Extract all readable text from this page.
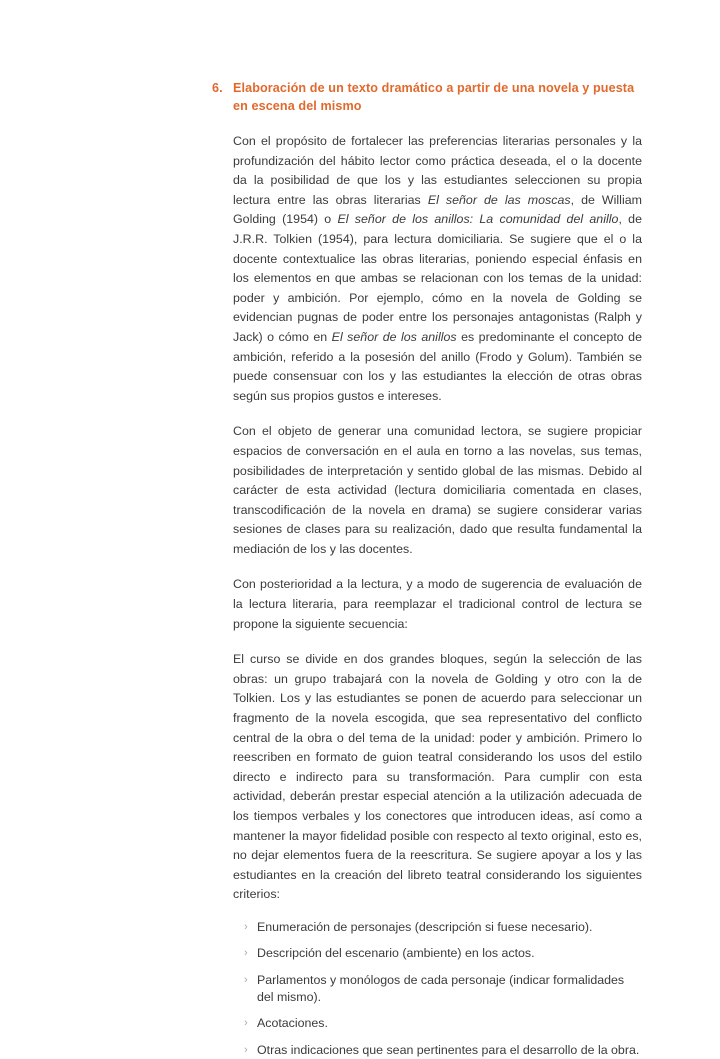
6. Elaboración de un texto dramático a partir de una novela y puesta en escena del mismo

Con el propósito de fortalecer las preferencias literarias personales y la profundización del hábito lector como práctica deseada, el o la docente da la posibilidad de que los y las estudiantes seleccionen su propia lectura entre las obras literarias El señor de las moscas, de William Golding (1954) o El señor de los anillos: La comunidad del anillo, de J.R.R. Tolkien (1954), para lectura domiciliaria. Se sugiere que el o la docente contextualice las obras literarias, poniendo especial énfasis en los elementos en que ambas se relacionan con los temas de la unidad: poder y ambición. Por ejemplo, cómo en la novela de Golding se evidencian pugnas de poder entre los personajes antagonistas (Ralph y Jack) o cómo en El señor de los anillos es predominante el concepto de ambición, referido a la posesión del anillo (Frodo y Golum). También se puede consensuar con los y las estudiantes la elección de otras obras según sus propios gustos e intereses.

Con el objeto de generar una comunidad lectora, se sugiere propiciar espacios de conversación en el aula en torno a las novelas, sus temas, posibilidades de interpretación y sentido global de las mismas. Debido al carácter de esta actividad (lectura domiciliaria comentada en clases, transcodificación de la novela en drama) se sugiere considerar varias sesiones de clases para su realización, dado que resulta fundamental la mediación de los y las docentes.

Con posterioridad a la lectura, y a modo de sugerencia de evaluación de la lectura literaria, para reemplazar el tradicional control de lectura se propone la siguiente secuencia:

El curso se divide en dos grandes bloques, según la selección de las obras: un grupo trabajará con la novela de Golding y otro con la de Tolkien. Los y las estudiantes se ponen de acuerdo para seleccionar un fragmento de la novela escogida, que sea representativo del conflicto central de la obra o del tema de la unidad: poder y ambición. Primero lo reescriben en formato de guion teatral considerando los usos del estilo directo e indirecto para su transformación. Para cumplir con esta actividad, deberán prestar especial atención a la utilización adecuada de los tiempos verbales y los conectores que introducen ideas, así como a mantener la mayor fidelidad posible con respecto al texto original, esto es, no dejar elementos fuera de la reescritura. Se sugiere apoyar a los y las estudiantes en la creación del libreto teatral considerando los siguientes criterios:

› Enumeración de personajes (descripción si fuese necesario).
› Descripción del escenario (ambiente) en los actos.
› Parlamentos y monólogos de cada personaje (indicar formalidades del mismo).
› Acotaciones.
› Otras indicaciones que sean pertinentes para el desarrollo de la obra.
